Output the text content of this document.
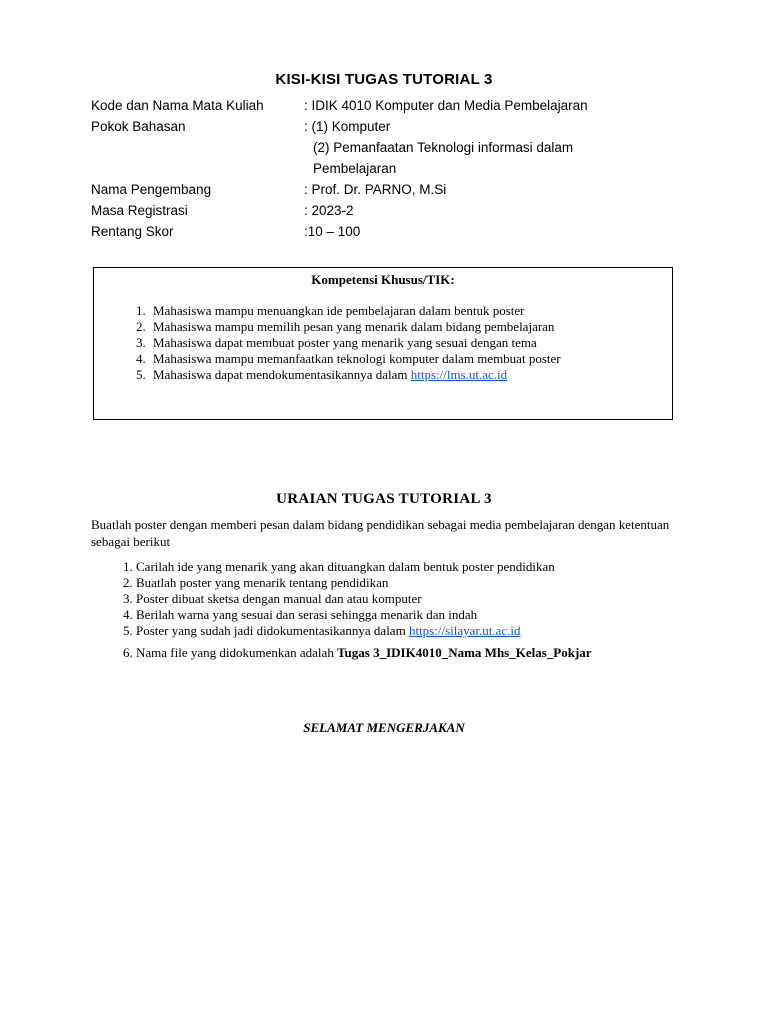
KISI-KISI TUGAS TUTORIAL 3
Kode dan Nama Mata Kuliah	: IDIK 4010 Komputer dan Media Pembelajaran
Pokok Bahasan	: (1) Komputer
(2) Pemanfaatan Teknologi informasi dalam
Pembelajaran
Nama Pengembang	: Prof. Dr. PARNO, M.Si
Masa Registrasi	: 2023-2
Rentang Skor	:10 – 100
Kompetensi Khusus/TIK:
1. Mahasiswa mampu menuangkan ide pembelajaran dalam bentuk poster
2. Mahasiswa mampu memilih pesan yang menarik dalam bidang pembelajaran
3. Mahasiswa dapat membuat poster yang menarik yang sesuai dengan tema
4. Mahasiswa mampu memanfaatkan teknologi komputer dalam membuat poster
5. Mahasiswa dapat mendokumentasikannya dalam https://lms.ut.ac.id
URAIAN TUGAS TUTORIAL 3
Buatlah poster dengan memberi pesan dalam bidang pendidikan sebagai media pembelajaran dengan ketentuan sebagai berikut
1. Carilah ide yang menarik yang akan dituangkan dalam bentuk poster pendidikan
2. Buatlah poster yang menarik tentang pendidikan
3. Poster dibuat sketsa dengan manual dan atau komputer
4. Berilah warna yang sesuai dan serasi sehingga menarik dan indah
5. Poster yang sudah jadi didokumentasikannya dalam https://silayar.ut.ac.id
6. Nama file yang didokumenkan adalah Tugas 3_IDIK4010_Nama Mhs_Kelas_Pokjar
SELAMAT MENGERJAKAN
